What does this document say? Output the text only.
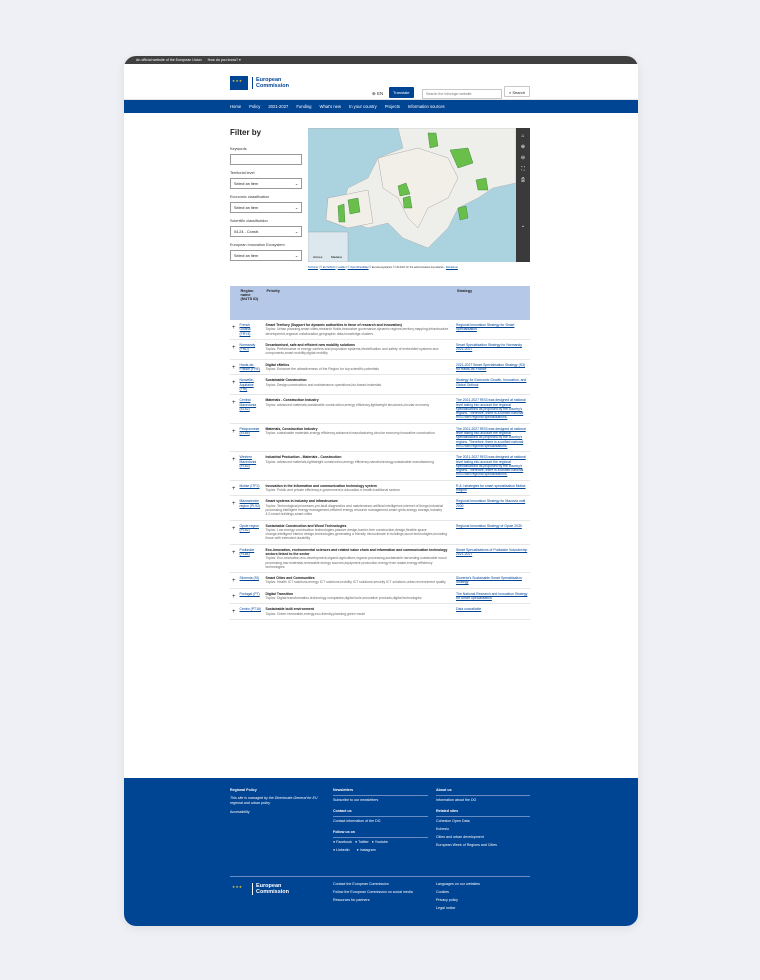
An official website of the European Union How do you know? ▾
★★★
European
Commission
⊕ EN	Translate
Search the Inforegio website	⌕ Search
Home Policy 2021-2027 Funding What's new In your country Projects Information sources
Filter by
Keywords
Territorial level
Select an item	⌄
Economic classification
Select an item	⌄
Scientific classification
04.24 - Constr.	⌄
European Innovation Ecosystem
Select an item	⌄	Azores	Madeira
⌂
⊕
⊖
⛶
⎙
⌄
Territorio | © EU GISCO | Leaflet | © OpenStreetMap © EuroGeographics © UN-FAO for the administrative boundaries - Disclaimer
	Region name (NUTS ID)	Priority	Strategy
+	French Guiana (FRY3)	Smart Territory (Support for dynamic authorities in favor of research and innovation)
Topics: Urban planning,smart cities,research fluids,innovative governance,dynamic regions,territory,mapping,infrastructure development,regional collaboration,geographic data,knowledge clusters	Regional Innovation Strategy for Smart Specialisation
+	Normandy (FRD)	Decarbonised, safe and efficient new mobility solutions
Topics: Performance of energy carriers and propulsion systems,electrification and safety of embedded systems and components,smart mobility,digital mobility	Smart Specialisation Strategy for Normandy 2021-2027
+	Hauts-de-France (FRE)	Digital eMetics
Topics: Enhance the attractiveness of the Region for top scientific potentials	2021-2027 Smart Specialisation Strategy (S3) for Hauts-de-France
+	Nouvelle-Aquitaine (FRI)	Sustainable Construction
Topics: Design,construction and maintenance operations,bio-based materials	Strategy for Economic Growth, Innovation, and Global Outlook
+	Central Macedonia (EL52)	Materials - Construction Industry
Topics: advanced materials,sustainable construction,energy efficiency,lightweight structures,circular economy	The 2021-2027 RIS3 was designed at national level taking into account the regional specialisations as proposed by the country's regions. Therefore, there is a unified national RIS3 with regional specialisations.
+	Peloponnese (EL65)	Materials, Construction Industry
Topics: sustainable materials,energy efficiency,advanced manufacturing,circular economy,innovative construction	The 2021-2027 RIS3 was designed at national level taking into account the regional specialisations as proposed by the country's regions. Therefore, there is a unified national RIS3 with regional specialisations.
+	Western Macedonia (EL53)	Industrial Production - Materials - Construction
Topics: advanced materials,lightweight construction,energy efficiency,nanotechnology,sustainable manufacturing	The 2021-2027 RIS3 was designed at national level taking into account the regional specialisations as proposed by the country's regions. Therefore, there is a unified national RIS3 with regional specialisations.
+	Molise (ITF2)	Innovation in the Information and communication technology system
Topics: Public and private efficiency,e-government,e-education,e-health,traditional sectors	R & I strategies for smart specialisation Molise Region
+	Mazowieckie region (PL92)	Smart systems in industry and infrastructure
Topics: Technological processes,pro-fault diagnostics and maintenance,artificial intelligence,internet of things,industrial processing,intelligent energy management,efficient energy resource management,smart grids,energy storage,industry 4.0,smart buildings,smart cities	Regional Innovation Strategy for Mazovia until 2030
+	Opole region (PL52)	Sustainable Construction and Wood Technologies
Topics: Low-energy construction technologies,passive design,barrier-free construction,design,flexible space change,intelligent interior design,technologies,generating a friendly microclimate in buildings,wood technologies,including those with extended durability	Regional Innovation Strategy of Opole 2030
+	Podlaskie (PL84)	Eco-innovation, environmental sciences and related value chain and information and communication technology sectors linked to the sector
Topics: Eco-innovation,eco-development,organic agriculture,organic processing,sustainable harvesting,sustainable wood processing,raw materials,renewable energy sources,equipment production,energy from waste,energy efficiency technologies	Smart Specialisations of Podlaskie Voivodeship 2021-2027
+	Slovenia (SI)	Smart Cities and Communities
Topics: Health ICT solutions,energy ICT solutions,mobility ICT solutions,security ICT solutions,urban environment quality	Slovenia's Sustainable Smart Specialisation Strategy
+	Portugal (PT)	Digital Transition
Topics: Digital transformation,technology companies,digital tools,innovative products,digital technologies	The National Research and Innovation Strategy for Smart Specialisation
+	Centro (PT16)	Sustainable built environment
Topics: Green renewable,energy,eco-friendly,planning,green mode	Data unavailable
Regional Policy
This site is managed by the Directorate-General for EU regional and urban policy
Accessibility
Newsletters
Subscribe to our newsletters
Contact us
Contact information of the DG
Follow us on
● Facebook ● Twitter ● Youtube
● Linkedin ● Instagram
About us
Information about the DG
Related sites
Cohesion Open Data
Kohesio
Cities and urban development
European Week of Regions and Cities
★★★
European
Commission
Contact the European Commission
Follow the European Commission on social media
Resources for partners
Languages on our websites
Cookies
Privacy policy
Legal notice
